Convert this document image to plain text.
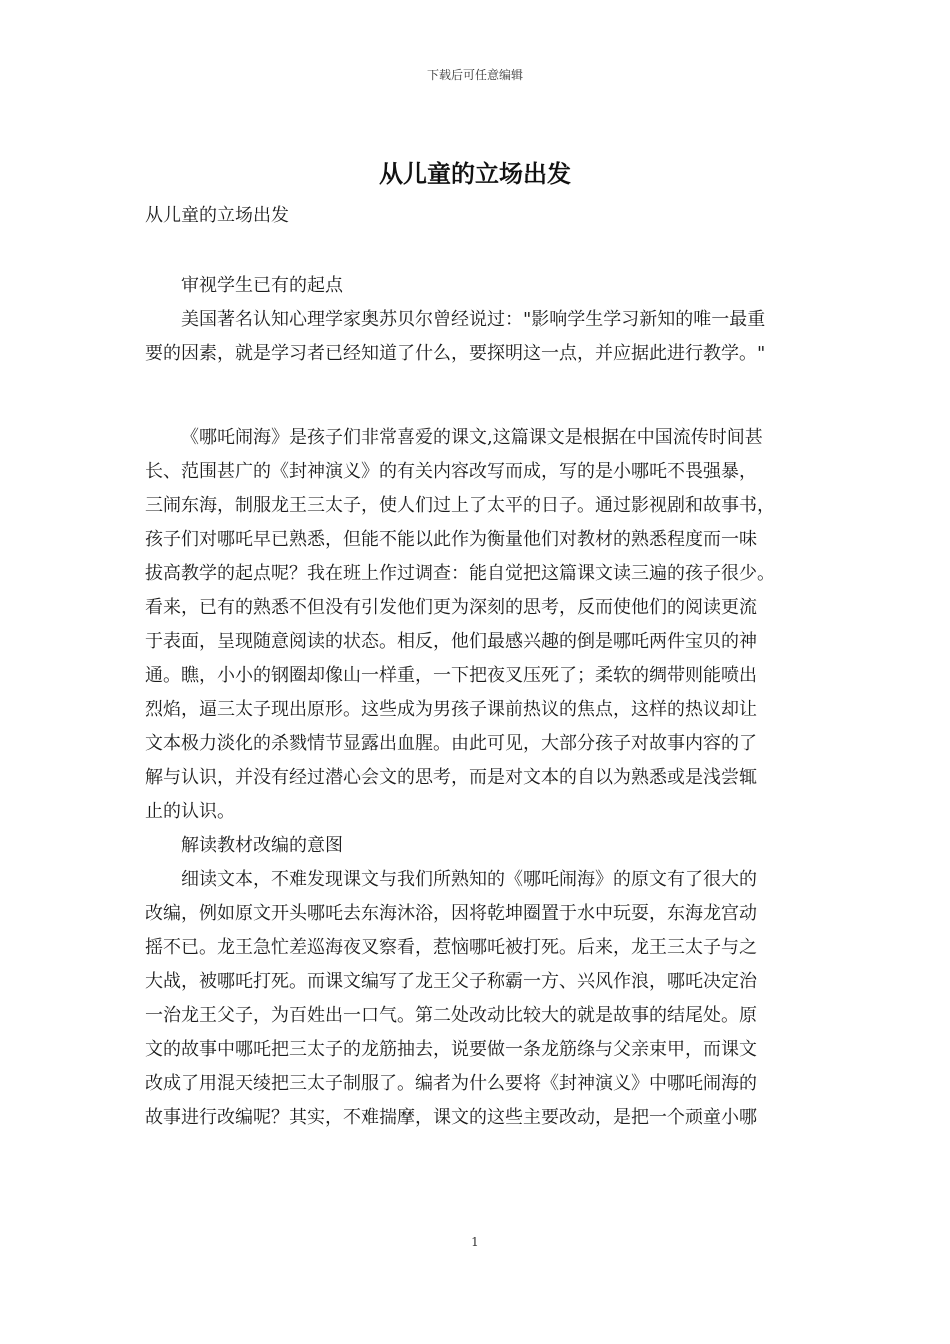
下载后可任意编辑
从儿童的立场出发
从儿童的立场出发
审视学生已有的起点
美国著名认知心理学家奥苏贝尔曾经说过："影响学生学习新知的唯一最重
要的因素，就是学习者已经知道了什么，要探明这一点，并应据此进行教学。"
《哪吒闹海》是孩子们非常喜爱的课文,这篇课文是根据在中国流传时间甚
长、范围甚广的《封神演义》的有关内容改写而成，写的是小哪吒不畏强暴，
三闹东海，制服龙王三太子，使人们过上了太平的日子。通过影视剧和故事书，
孩子们对哪吒早已熟悉，但能不能以此作为衡量他们对教材的熟悉程度而一味
拔高教学的起点呢？我在班上作过调查：能自觉把这篇课文读三遍的孩子很少。
看来，已有的熟悉不但没有引发他们更为深刻的思考，反而使他们的阅读更流
于表面，呈现随意阅读的状态。相反，他们最感兴趣的倒是哪吒两件宝贝的神
通。瞧，小小的钢圈却像山一样重，一下把夜叉压死了；柔软的绸带则能喷出
烈焰，逼三太子现出原形。这些成为男孩子课前热议的焦点，这样的热议却让
文本极力淡化的杀戮情节显露出血腥。由此可见，大部分孩子对故事内容的了
解与认识，并没有经过潜心会文的思考，而是对文本的自以为熟悉或是浅尝辄
止的认识。
解读教材改编的意图
细读文本，不难发现课文与我们所熟知的《哪吒闹海》的原文有了很大的
改编，例如原文开头哪吒去东海沐浴，因将乾坤圈置于水中玩耍，东海龙宫动
摇不已。龙王急忙差巡海夜叉察看，惹恼哪吒被打死。后来，龙王三太子与之
大战，被哪吒打死。而课文编写了龙王父子称霸一方、兴风作浪，哪吒决定治
一治龙王父子，为百姓出一口气。第二处改动比较大的就是故事的结尾处。原
文的故事中哪吒把三太子的龙筋抽去，说要做一条龙筋绦与父亲束甲，而课文
改成了用混天绫把三太子制服了。编者为什么要将《封神演义》中哪吒闹海的
故事进行改编呢？其实，不难揣摩，课文的这些主要改动，是把一个顽童小哪
1
